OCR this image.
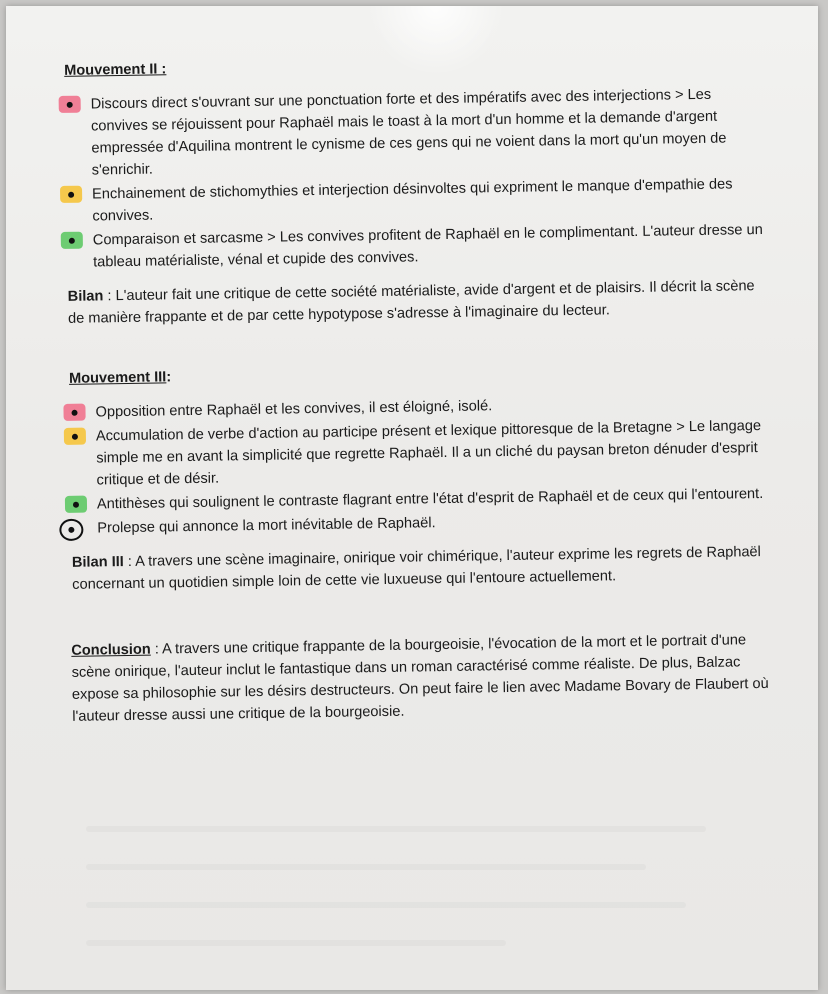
Mouvement II :
Discours direct s'ouvrant sur une ponctuation forte et des impératifs avec des interjections > Les convives se réjouissent pour Raphaël mais le toast à la mort d'un homme et la demande d'argent empressée d'Aquilina montrent le cynisme de ces gens qui ne voient dans la mort qu'un moyen de s'enrichir.
Enchainement de stichomythies et interjection désinvoltes qui expriment le manque d'empathie des convives.
Comparaison et sarcasme > Les convives profitent de Raphaël en le complimentant. L'auteur dresse un tableau matérialiste, vénal et cupide des convives.
Bilan : L'auteur fait une critique de cette société matérialiste, avide d'argent et de plaisirs. Il décrit la scène de manière frappante et de par cette hypotypose s'adresse à l'imaginaire du lecteur.
Mouvement III:
Opposition entre Raphaël et les convives, il est éloigné, isolé.
Accumulation de verbe d'action au participe présent et lexique pittoresque de la Bretagne > Le langage simple me en avant la simplicité que regrette Raphaël. Il a un cliché du paysan breton dénuder d'esprit critique et de désir.
Antithèses qui soulignent le contraste flagrant entre l'état d'esprit de Raphaël et de ceux qui l'entourent.
Prolepse qui annonce la mort inévitable de Raphaël.
Bilan III : A travers une scène imaginaire, onirique voir chimérique, l'auteur exprime les regrets de Raphaël concernant un quotidien simple loin de cette vie luxueuse qui l'entoure actuellement.
Conclusion : A travers une critique frappante de la bourgeoisie, l'évocation de la mort et le portrait d'une scène onirique, l'auteur inclut le fantastique dans un roman caractérisé comme réaliste. De plus, Balzac expose sa philosophie sur les désirs destructeurs. On peut faire le lien avec Madame Bovary de Flaubert où l'auteur dresse aussi une critique de la bourgeoisie.
